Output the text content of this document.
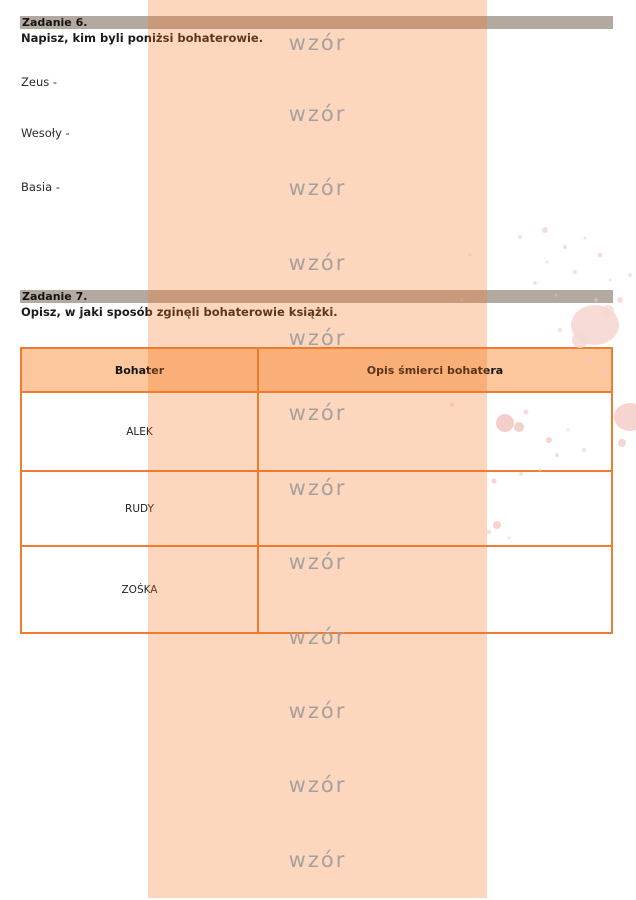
Zadanie 6.
Napisz, kim byli poniżsi bohaterowie.
Zeus -
Wesoły -
Basia -
Zadanie 7.
Opisz, w jaki sposób zginęli bohaterowie książki.
Bohater	Opis śmierci bohatera
ALEK	
RUDY	
ZOŚKA	
wzór
wzór
wzór
wzór
wzór
wzór
wzór
wzór
wzór
wzór
wzór
wzór
